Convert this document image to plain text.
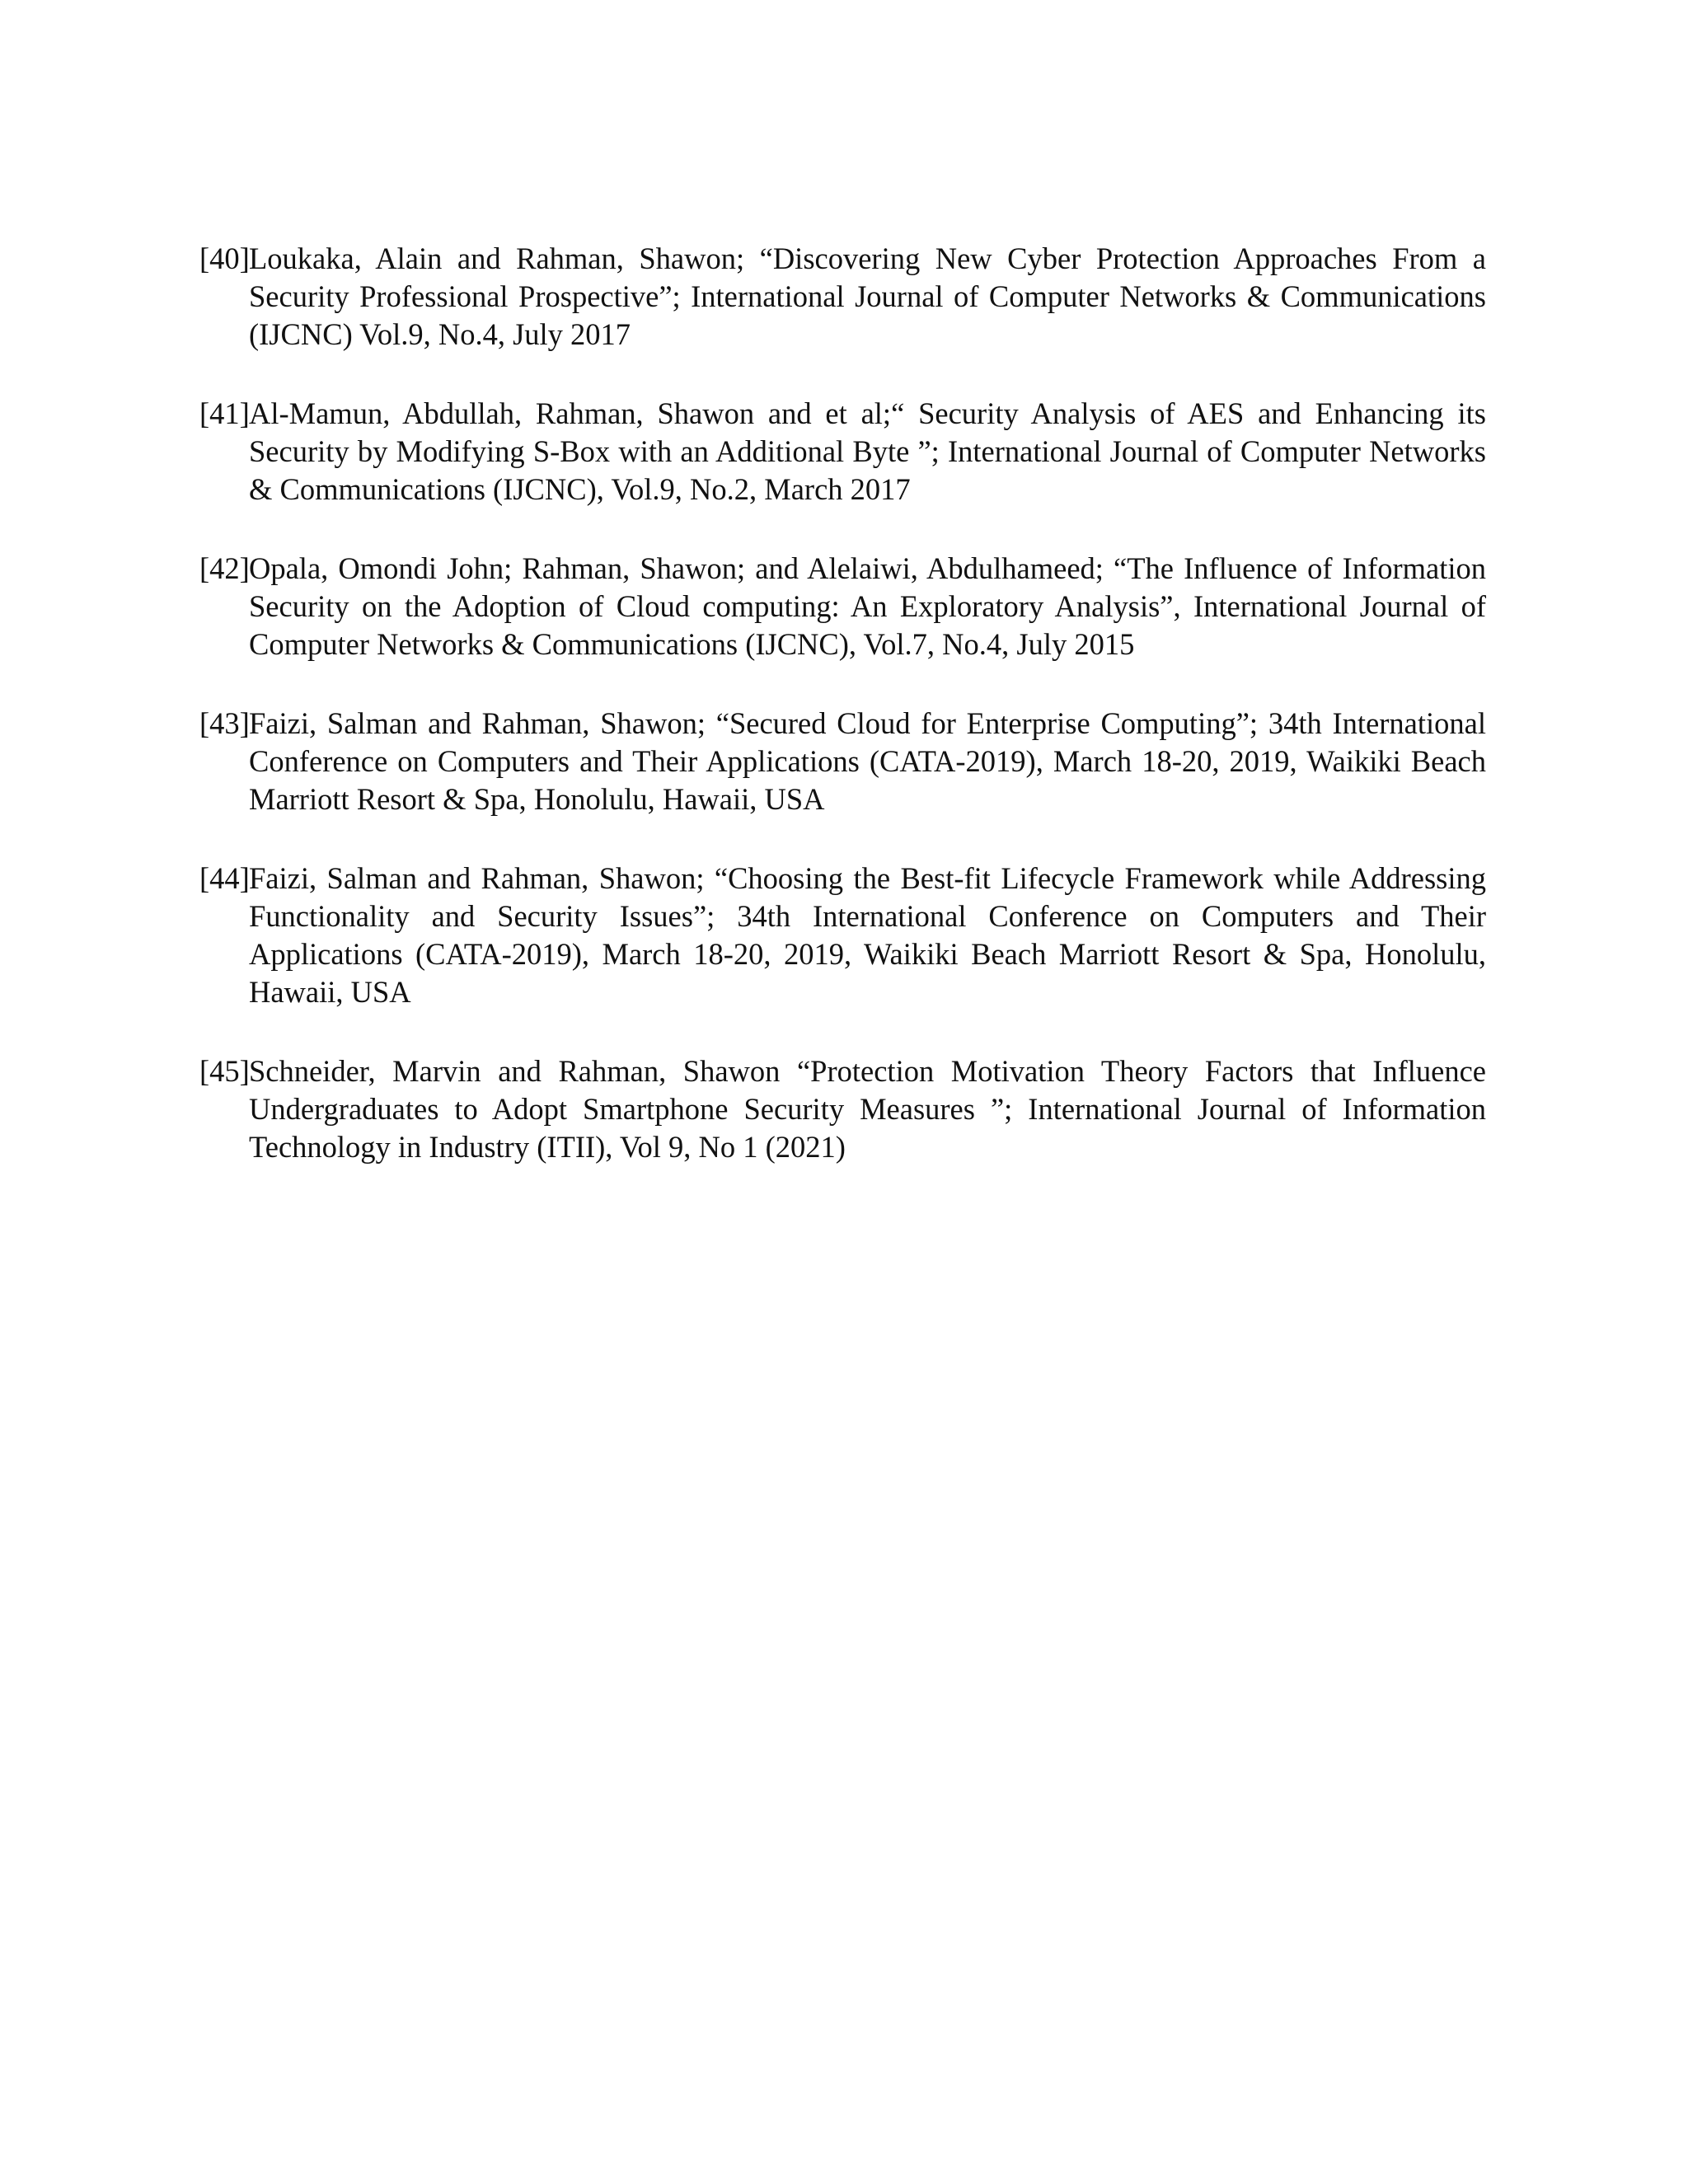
[40] Loukaka, Alain and Rahman, Shawon; “Discovering New Cyber Protection Approaches From a Security Professional Prospective”; International Journal of Computer Networks & Communications (IJCNC) Vol.9, No.4, July 2017
[41] Al-Mamun, Abdullah, Rahman, Shawon and et al;“ Security Analysis of AES and Enhancing its Security by Modifying S-Box with an Additional Byte ”; International Journal of Computer Networks & Communications (IJCNC), Vol.9, No.2, March 2017
[42] Opala, Omondi John; Rahman, Shawon; and Alelaiwi, Abdulhameed; “The Influence of Information Security on the Adoption of Cloud computing: An Exploratory Analysis”, International Journal of Computer Networks & Communications (IJCNC), Vol.7, No.4, July 2015
[43] Faizi, Salman and Rahman, Shawon; “Secured Cloud for Enterprise Computing”; 34th International Conference on Computers and Their Applications (CATA-2019), March 18-20, 2019, Waikiki Beach Marriott Resort & Spa, Honolulu, Hawaii, USA
[44] Faizi, Salman and Rahman, Shawon; “Choosing the Best-fit Lifecycle Framework while Addressing Functionality and Security Issues”; 34th International Conference on Computers and Their Applications (CATA-2019), March 18-20, 2019, Waikiki Beach Marriott Resort & Spa, Honolulu, Hawaii, USA
[45] Schneider, Marvin and Rahman, Shawon “Protection Motivation Theory Factors that Influence Undergraduates to Adopt Smartphone Security Measures ”; International Journal of Information Technology in Industry (ITII), Vol 9, No 1 (2021)
